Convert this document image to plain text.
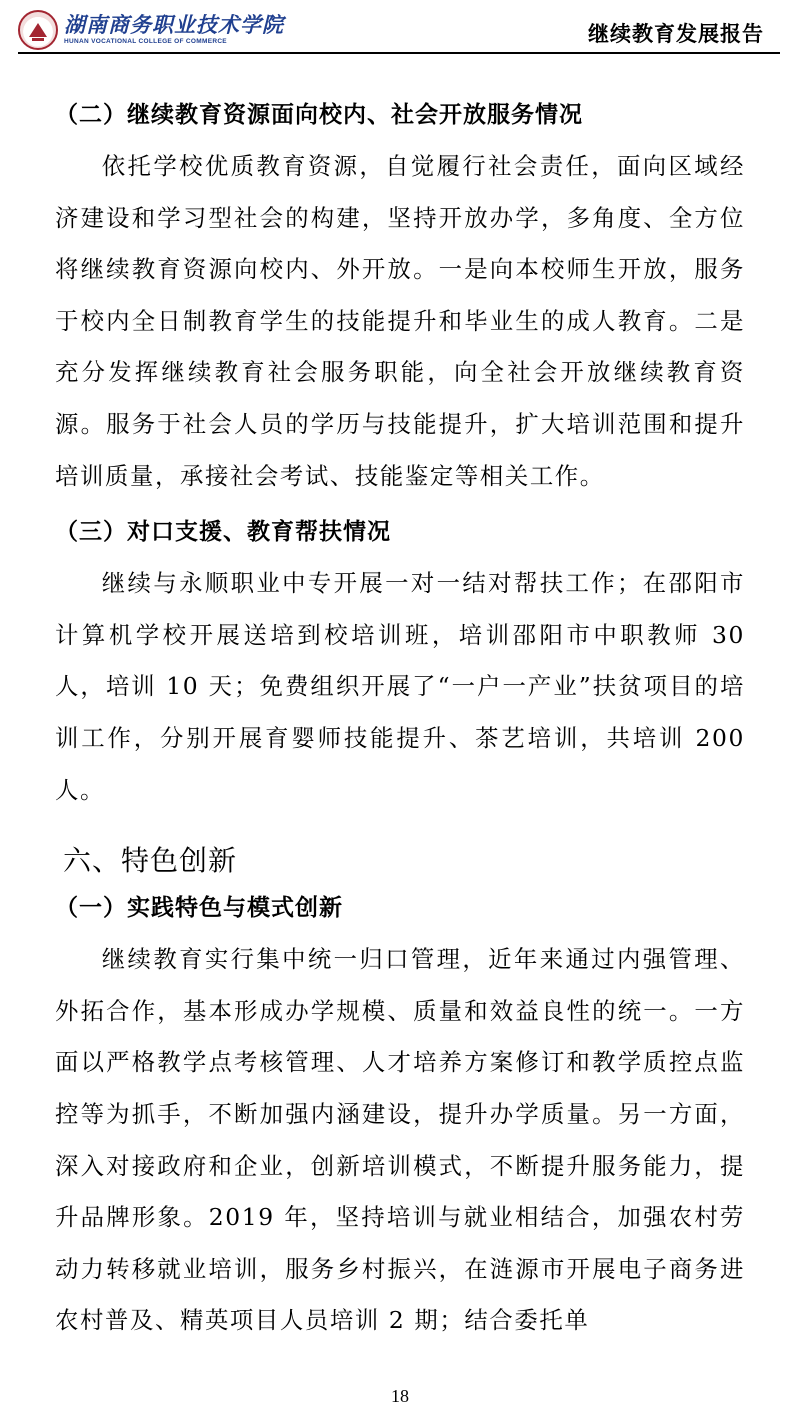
湖南商务职业技术学院
HUNAN VOCATIONAL COLLEGE OF COMMERCE	继续教育发展报告
（二）继续教育资源面向校内、社会开放服务情况

依托学校优质教育资源，自觉履行社会责任，面向区域经济建设和学习型社会的构建，坚持开放办学，多角度、全方位将继续教育资源向校内、外开放。一是向本校师生开放，服务于校内全日制教育学生的技能提升和毕业生的成人教育。二是充分发挥继续教育社会服务职能，向全社会开放继续教育资源。服务于社会人员的学历与技能提升，扩大培训范围和提升培训质量，承接社会考试、技能鉴定等相关工作。

（三）对口支援、教育帮扶情况

继续与永顺职业中专开展一对一结对帮扶工作；在邵阳市计算机学校开展送培到校培训班，培训邵阳市中职教师 30 人，培训 10 天；免费组织开展了“一户一产业”扶贫项目的培训工作，分别开展育婴师技能提升、茶艺培训，共培训 200 人。

六、特色创新
（一）实践特色与模式创新

继续教育实行集中统一归口管理，近年来通过内强管理、外拓合作，基本形成办学规模、质量和效益良性的统一。一方面以严格教学点考核管理、人才培养方案修订和教学质控点监控等为抓手，不断加强内涵建设，提升办学质量。另一方面，深入对接政府和企业，创新培训模式，不断提升服务能力，提升品牌形象。2019 年，坚持培训与就业相结合，加强农村劳动力转移就业培训，服务乡村振兴，在涟源市开展电子商务进农村普及、精英项目人员培训 2 期；结合委托单

18
